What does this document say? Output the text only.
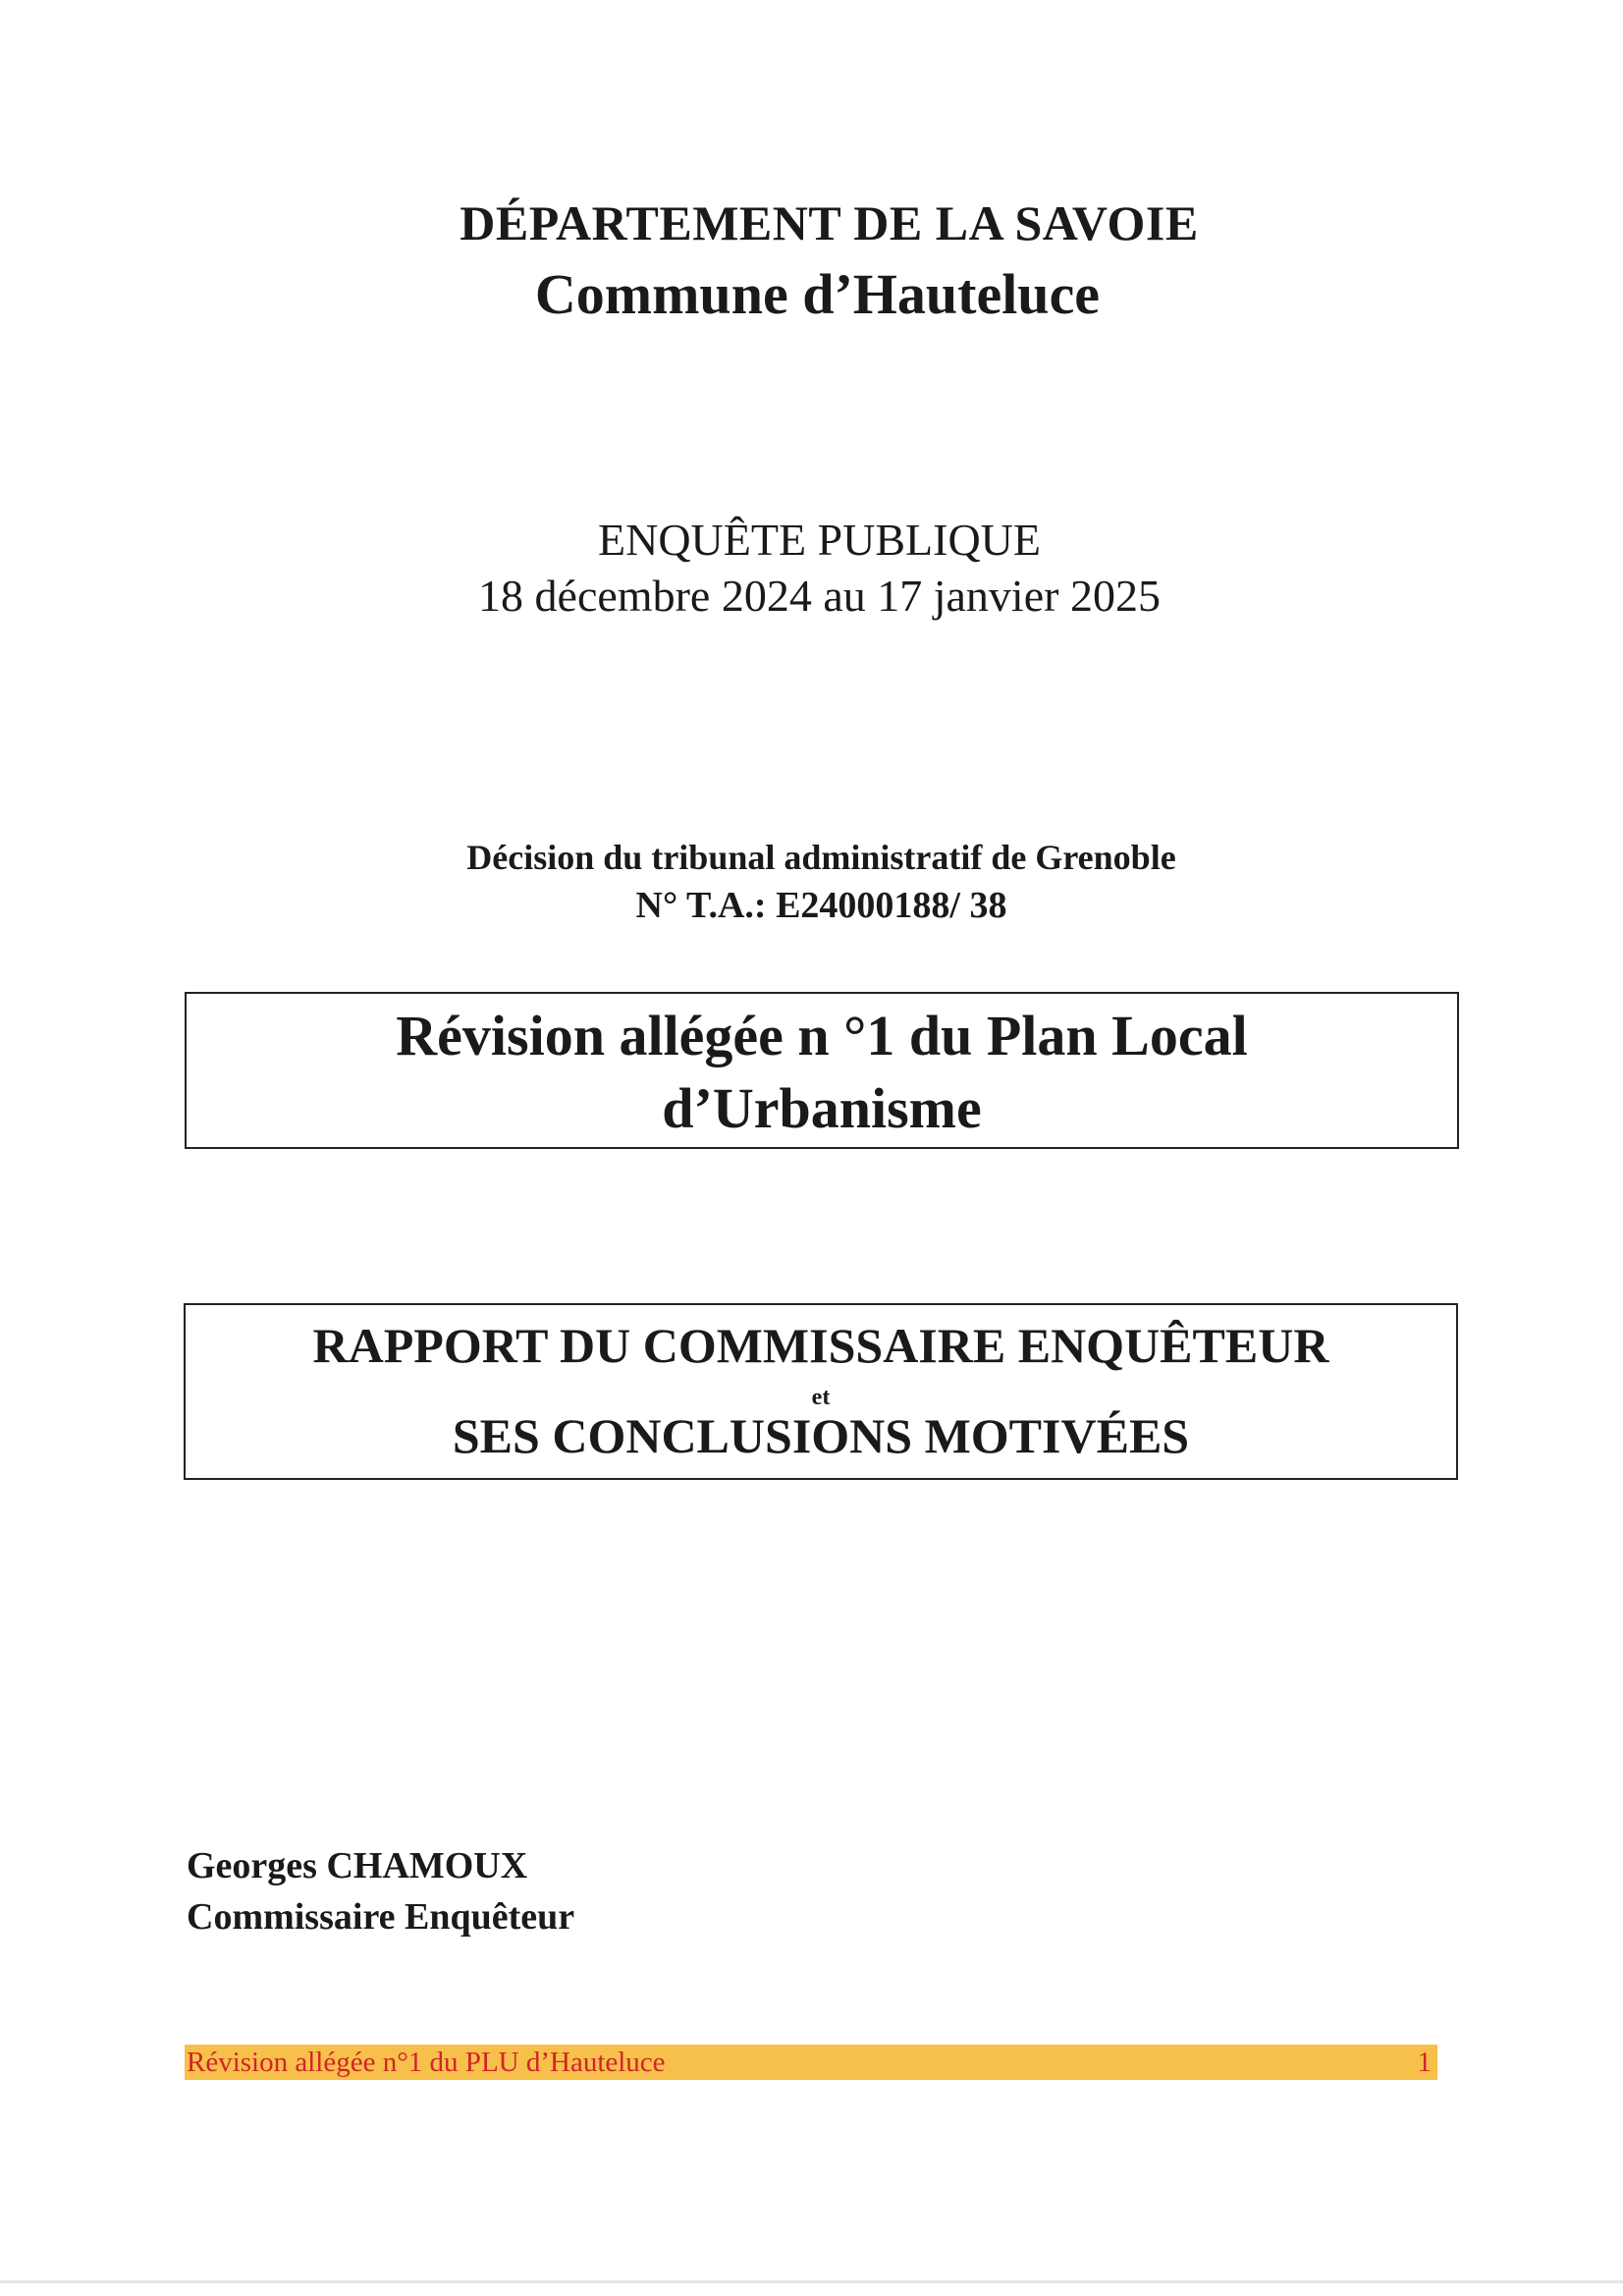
DÉPARTEMENT DE LA SAVOIE
Commune d’Hauteluce
ENQUÊTE PUBLIQUE
18 décembre 2024 au 17 janvier 2025
Décision du tribunal administratif de Grenoble
N° T.A.: E24000188/ 38
Révision allégée n °1 du Plan Local
d’Urbanisme
RAPPORT DU COMMISSAIRE ENQUÊTEUR
et
SES CONCLUSIONS MOTIVÉES
Georges CHAMOUX
Commissaire Enquêteur
Révision allégée n°1 du PLU d’Hauteluce	1
